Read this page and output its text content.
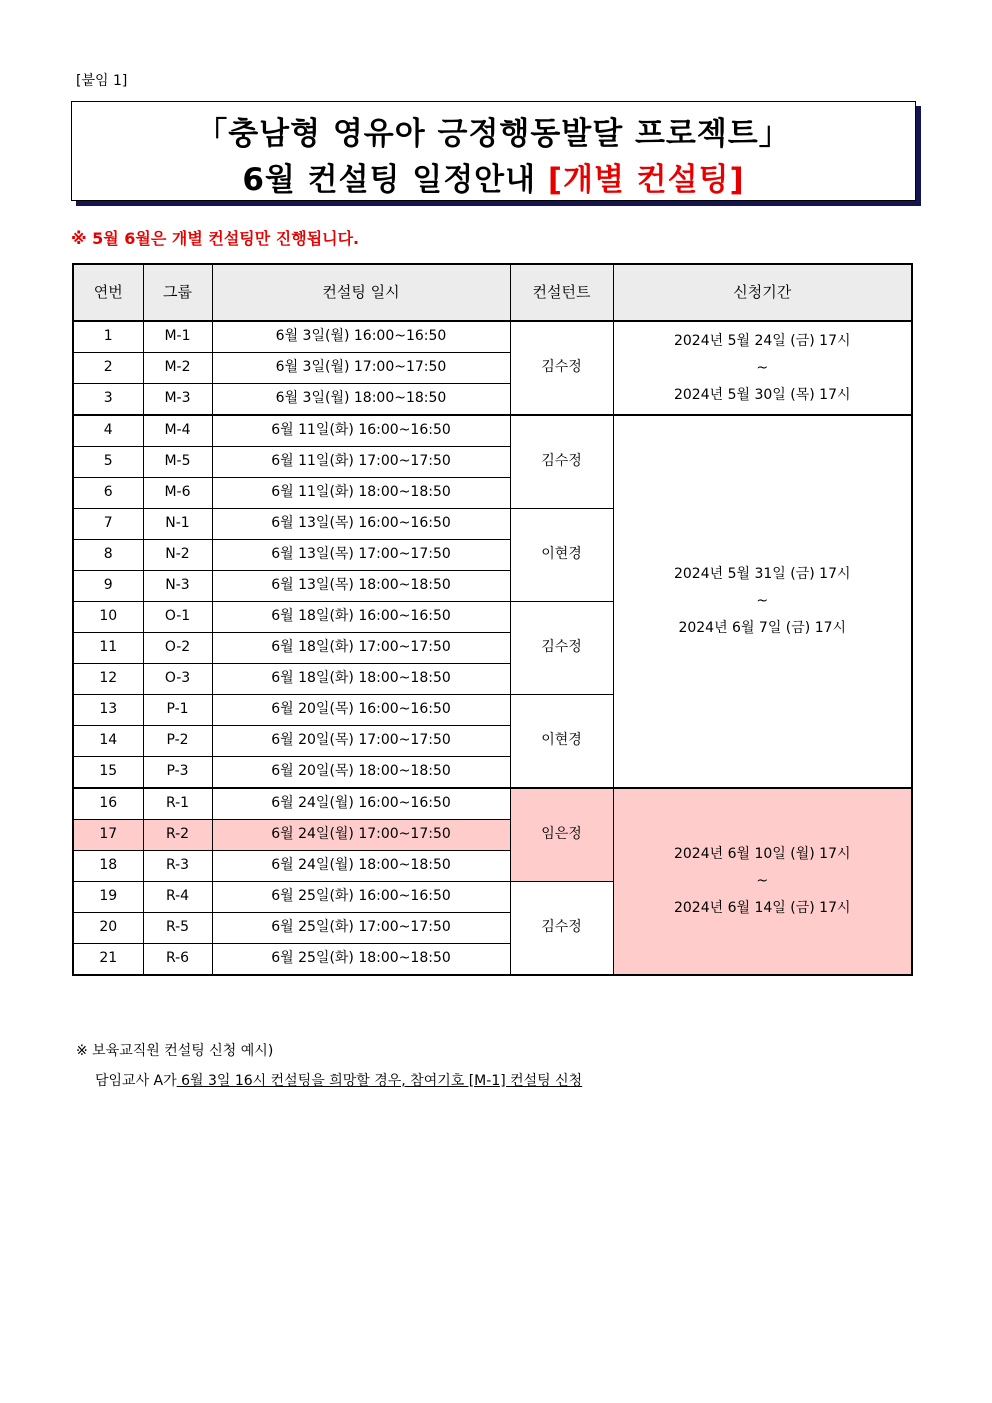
[붙임 1]
「충남형 영유아 긍정행동발달 프로젝트」
6월 컨설팅 일정안내 [개별 컨설팅]
※ 5월 6월은 개별 컨설팅만 진행됩니다.
연번	그룹	컨설팅 일시	컨설턴트	신청기간
1	M-1	6월 3일(월) 16:00~16:50	김수정	2024년 5월 24일 (금) 17시
~
2024년 5월 30일 (목) 17시

2	M-2	6월 3일(월) 17:00~17:50		
3	M-3	6월 3일(월) 18:00~18:50		
4	M-4	6월 11일(화) 16:00~16:50	김수정	2024년 5월 31일 (금) 17시
~
2024년 6월 7일 (금) 17시

5	M-5	6월 11일(화) 17:00~17:50		
6	M-6	6월 11일(화) 18:00~18:50		
7	N-1	6월 13일(목) 16:00~16:50	이현경	
8	N-2	6월 13일(목) 17:00~17:50		
9	N-3	6월 13일(목) 18:00~18:50		
10	O-1	6월 18일(화) 16:00~16:50	김수정	
11	O-2	6월 18일(화) 17:00~17:50		
12	O-3	6월 18일(화) 18:00~18:50		
13	P-1	6월 20일(목) 16:00~16:50	이현경	
14	P-2	6월 20일(목) 17:00~17:50		
15	P-3	6월 20일(목) 18:00~18:50		
16	R-1	6월 24일(월) 16:00~16:50	임은정	2024년 6월 10일 (월) 17시
~
2024년 6월 14일 (금) 17시

17	R-2	6월 24일(월) 17:00~17:50		
18	R-3	6월 24일(월) 18:00~18:50		
19	R-4	6월 25일(화) 16:00~16:50	김수정	
20	R-5	6월 25일(화) 17:00~17:50		
21	R-6	6월 25일(화) 18:00~18:50		
※ 보육교직원 컨설팅 신청 예시)
담임교사 A가 6월 3일 16시 컨설팅을 희망할 경우, 참여기호 [M-1] 컨설팅 신청
